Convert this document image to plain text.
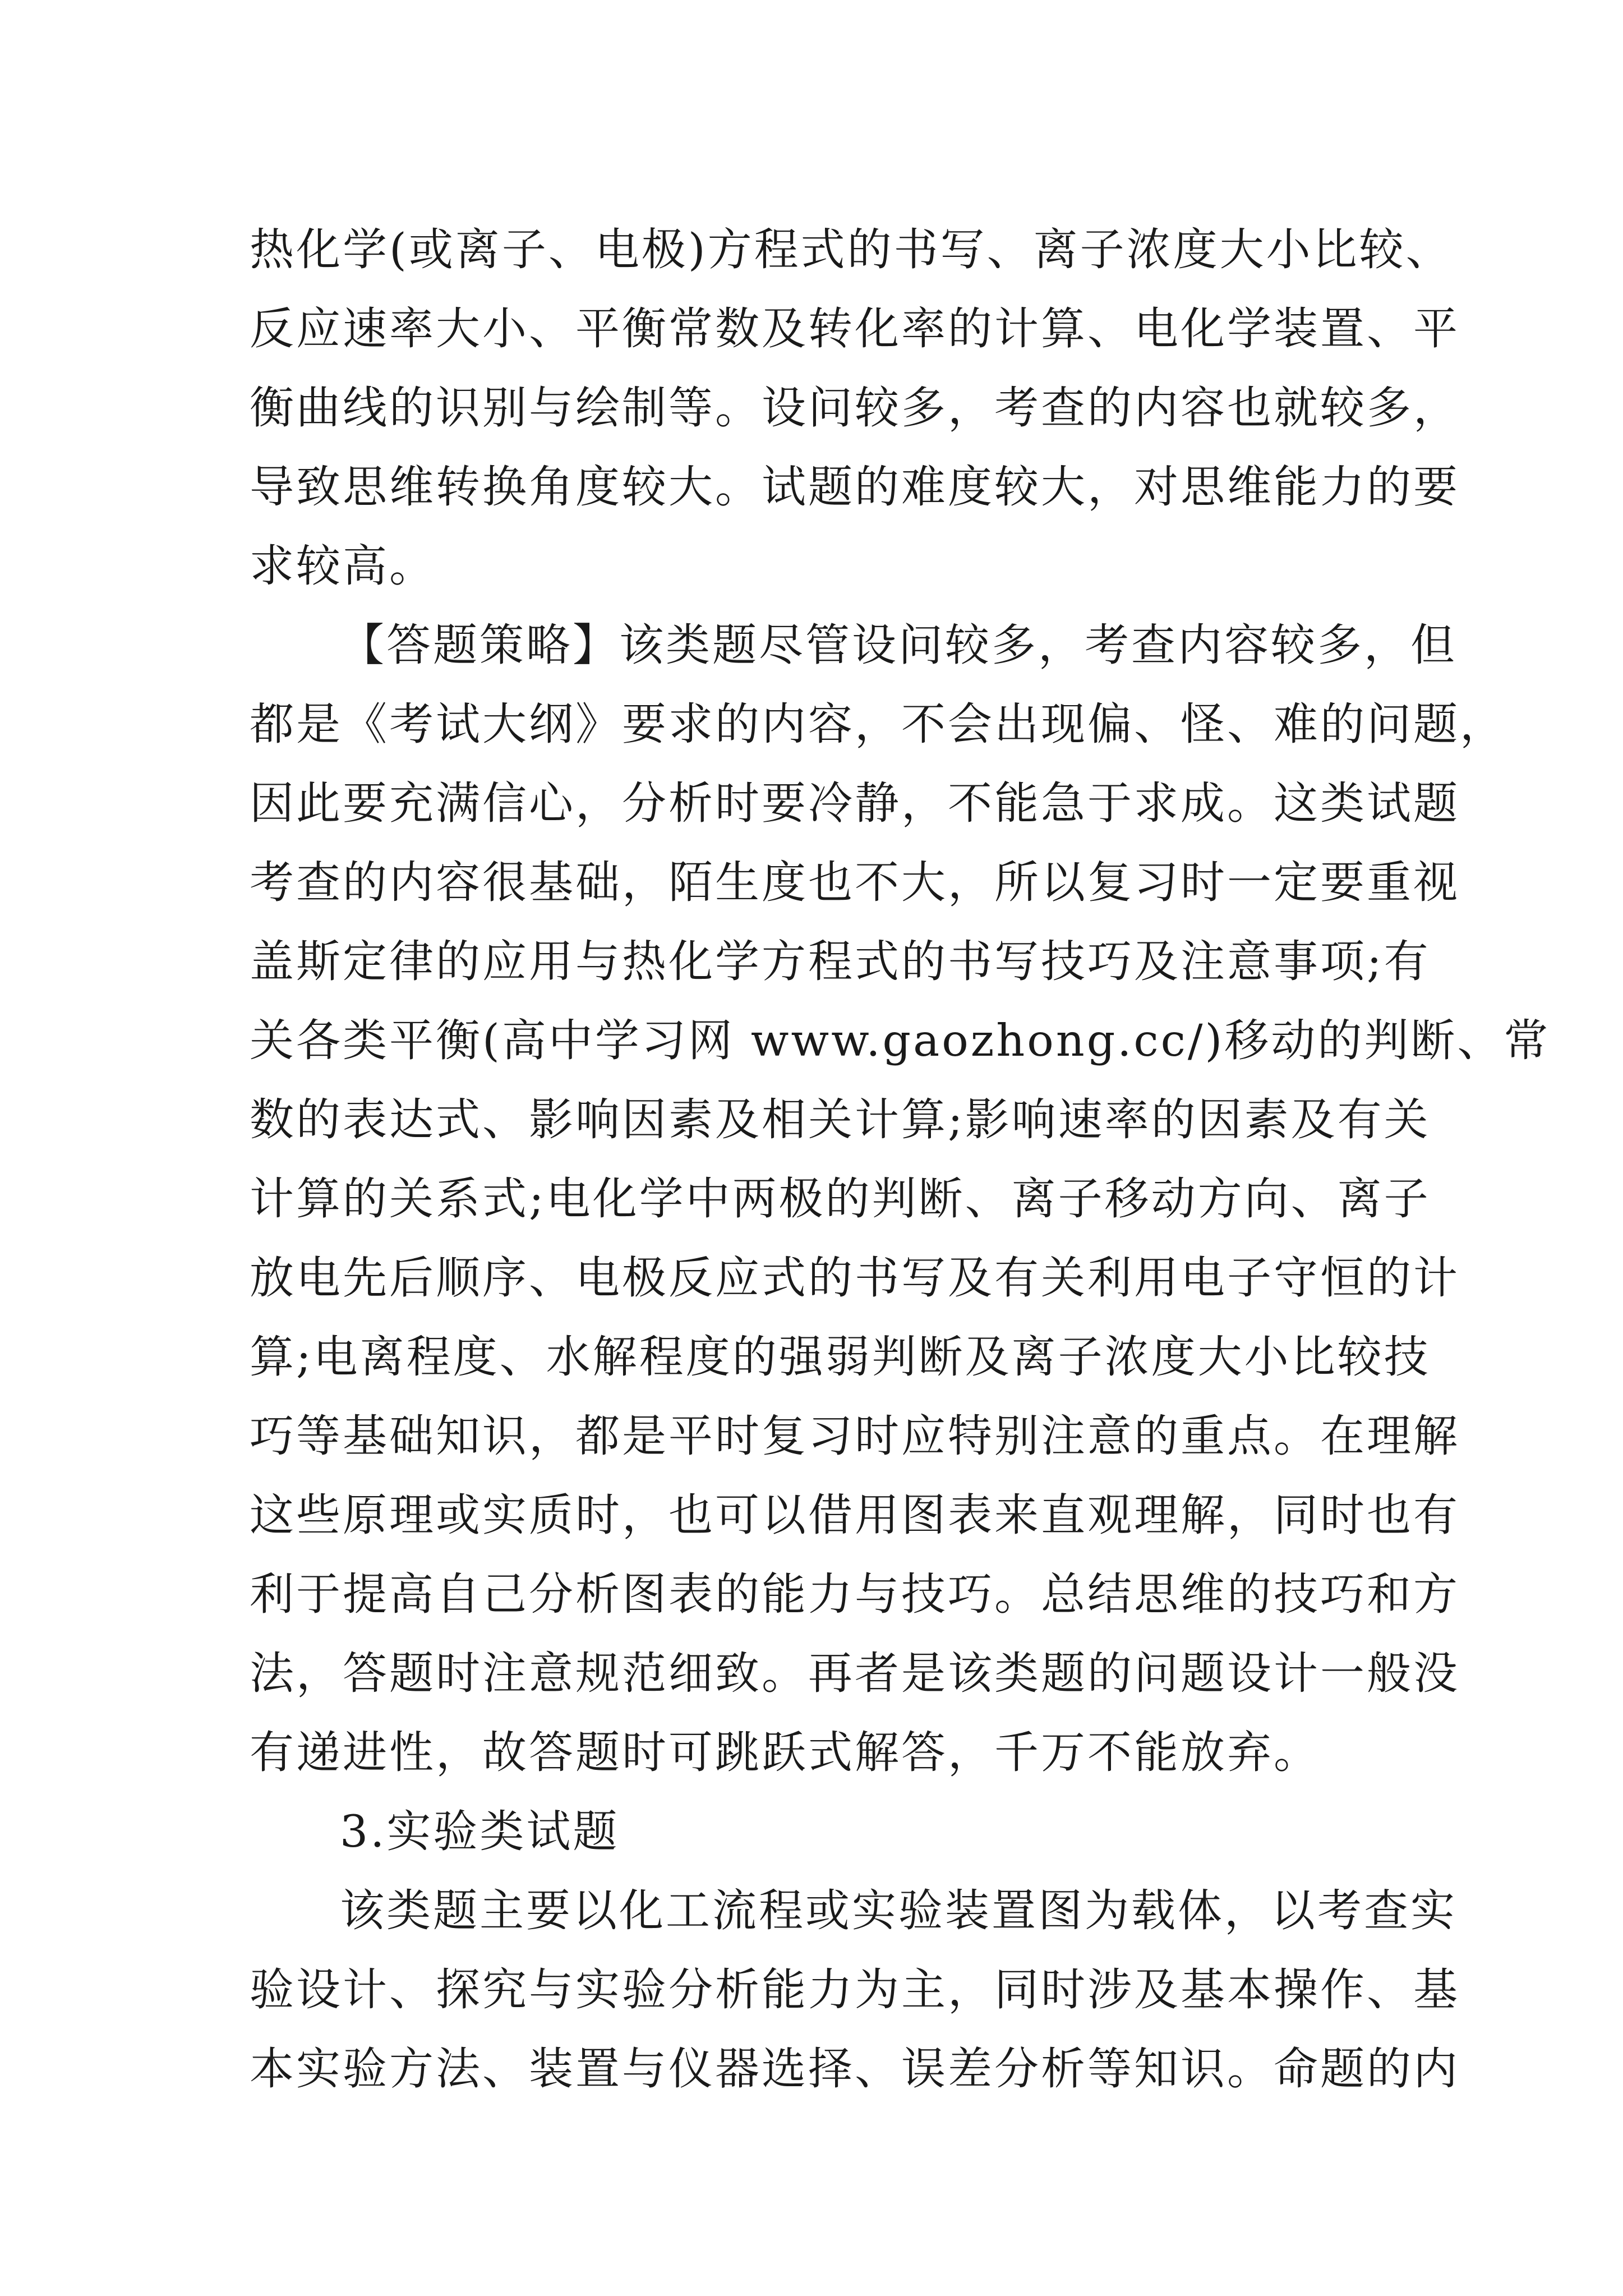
热化学(或离子、电极)方程式的书写、离子浓度大小比较、
反应速率大小、平衡常数及转化率的计算、电化学装置、平
衡曲线的识别与绘制等。设问较多，考查的内容也就较多，
导致思维转换角度较大。试题的难度较大，对思维能力的要
求较高。
【答题策略】该类题尽管设问较多，考查内容较多，但
都是《考试大纲》要求的内容，不会出现偏、怪、难的问题，
因此要充满信心，分析时要冷静，不能急于求成。这类试题
考查的内容很基础，陌生度也不大，所以复习时一定要重视
盖斯定律的应用与热化学方程式的书写技巧及注意事项;有
关各类平衡(高中学习网 www.gaozhong.cc/)移动的判断、常
数的表达式、影响因素及相关计算;影响速率的因素及有关
计算的关系式;电化学中两极的判断、离子移动方向、离子
放电先后顺序、电极反应式的书写及有关利用电子守恒的计
算;电离程度、水解程度的强弱判断及离子浓度大小比较技
巧等基础知识，都是平时复习时应特别注意的重点。在理解
这些原理或实质时，也可以借用图表来直观理解，同时也有
利于提高自己分析图表的能力与技巧。总结思维的技巧和方
法，答题时注意规范细致。再者是该类题的问题设计一般没
有递进性，故答题时可跳跃式解答，千万不能放弃。
3.实验类试题
该类题主要以化工流程或实验装置图为载体，以考查实
验设计、探究与实验分析能力为主，同时涉及基本操作、基
本实验方法、装置与仪器选择、误差分析等知识。命题的内
